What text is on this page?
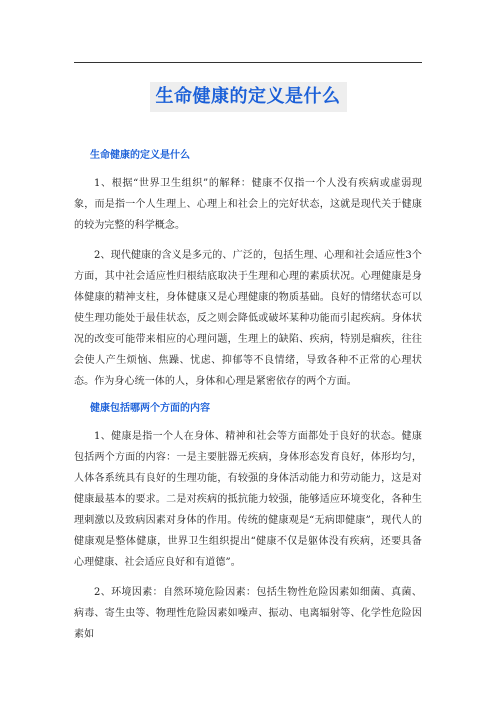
生命健康的定义是什么
生命健康的定义是什么

1、根据“世界卫生组织”的解释：健康不仅指一个人没有疾病或虚弱现象，而是指一个人生理上、心理上和社会上的完好状态，这就是现代关于健康的较为完整的科学概念。

2、现代健康的含义是多元的、广泛的，包括生理、心理和社会适应性3个方面，其中社会适应性归根结底取决于生理和心理的素质状况。心理健康是身体健康的精神支柱，身体健康又是心理健康的物质基础。良好的情绪状态可以使生理功能处于最佳状态，反之则会降低或破坏某种功能而引起疾病。身体状况的改变可能带来相应的心理问题，生理上的缺陷、疾病，特别是痼疾，往往会使人产生烦恼、焦躁、忧虑、抑郁等不良情绪，导致各种不正常的心理状态。作为身心统一体的人，身体和心理是紧密依存的两个方面。

健康包括哪两个方面的内容

1、健康是指一个人在身体、精神和社会等方面都处于良好的状态。健康包括两个方面的内容：一是主要脏器无疾病，身体形态发育良好，体形均匀，人体各系统具有良好的生理功能，有较强的身体活动能力和劳动能力，这是对健康最基本的要求。二是对疾病的抵抗能力较强，能够适应环境变化，各种生理刺激以及致病因素对身体的作用。传统的健康观是“无病即健康”，现代人的健康观是整体健康，世界卫生组织提出“健康不仅是躯体没有疾病，还要具备心理健康、社会适应良好和有道德”。

2、环境因素：自然环境危险因素：包括生物性危险因素如细菌、真菌、病毒、寄生虫等、物理性危险因素如噪声、振动、电离辐射等、化学性危险因素如
